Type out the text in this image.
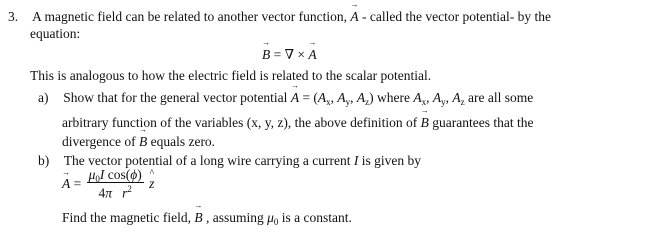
3. A magnetic field can be related to another vector function, → A - called the vector potential- by the
equation:
→ B = ∇ × → A
This is analogous to how the electric field is related to the scalar potential.
a) Show that for the general vector potential → $A = (A_x$, $A_y$, $A_z$) where $A_x$, $A_y$, $A_z$ are all some
arbitrary function of the variables (x, y, z), the above definition of → B guarantees that the
divergence of → B equals zero.
b) The vector potential of a long wire carrying a current I is given by
→ $A = \frac{\mu_0I \cos(\phi)}{4\pi r^2}$ ^ z
Find the magnetic field, → B , assuming $\mu_0$ is a constant.
